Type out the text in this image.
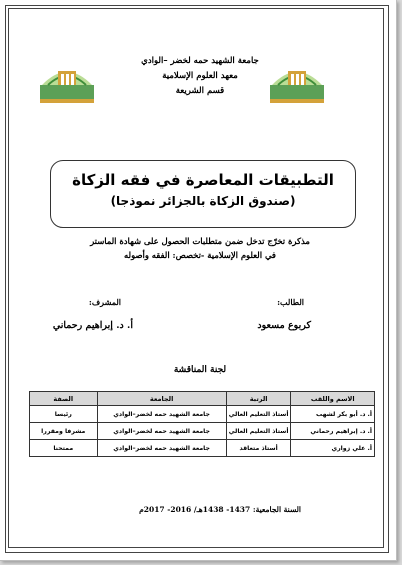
جامعة الشهيد حمه لخضر –الوادي
معهد العلوم الإسلامية
قسم الشريعة
التطبيقات المعاصرة في فقه الزكاة
(صندوق الزكاة بالجزائر نموذجا)
مذكرة تخرّج تدخل ضمن متطلبات الحصول على شهادة الماستر
في العلوم الإسلامية -تخصص: الفقه وأصوله
الطالب:
المشرف:
كربوع مسعود
أ. د. إبراهيم رحماني
لجنة المناقشة
الاسم واللقب	الرتبة	الجامعة	الصفة
أ. د. أبو بكر لشهب	أستاذ التعليم العالي	جامعة الشهيد حمه لخضر–الوادي	رئيسا
أ. د. إبراهيم رحماني	أستاذ التعليم العالي	جامعة الشهيد حمه لخضر–الوادي	مشرفا ومقررا
أ. علي زواري	أستاذ متعاقد	جامعة الشهيد حمه لخضر–الوادي	ممتحنا
السنة الجامعية: 1437- 1438هـ/ 2016- 2017م
